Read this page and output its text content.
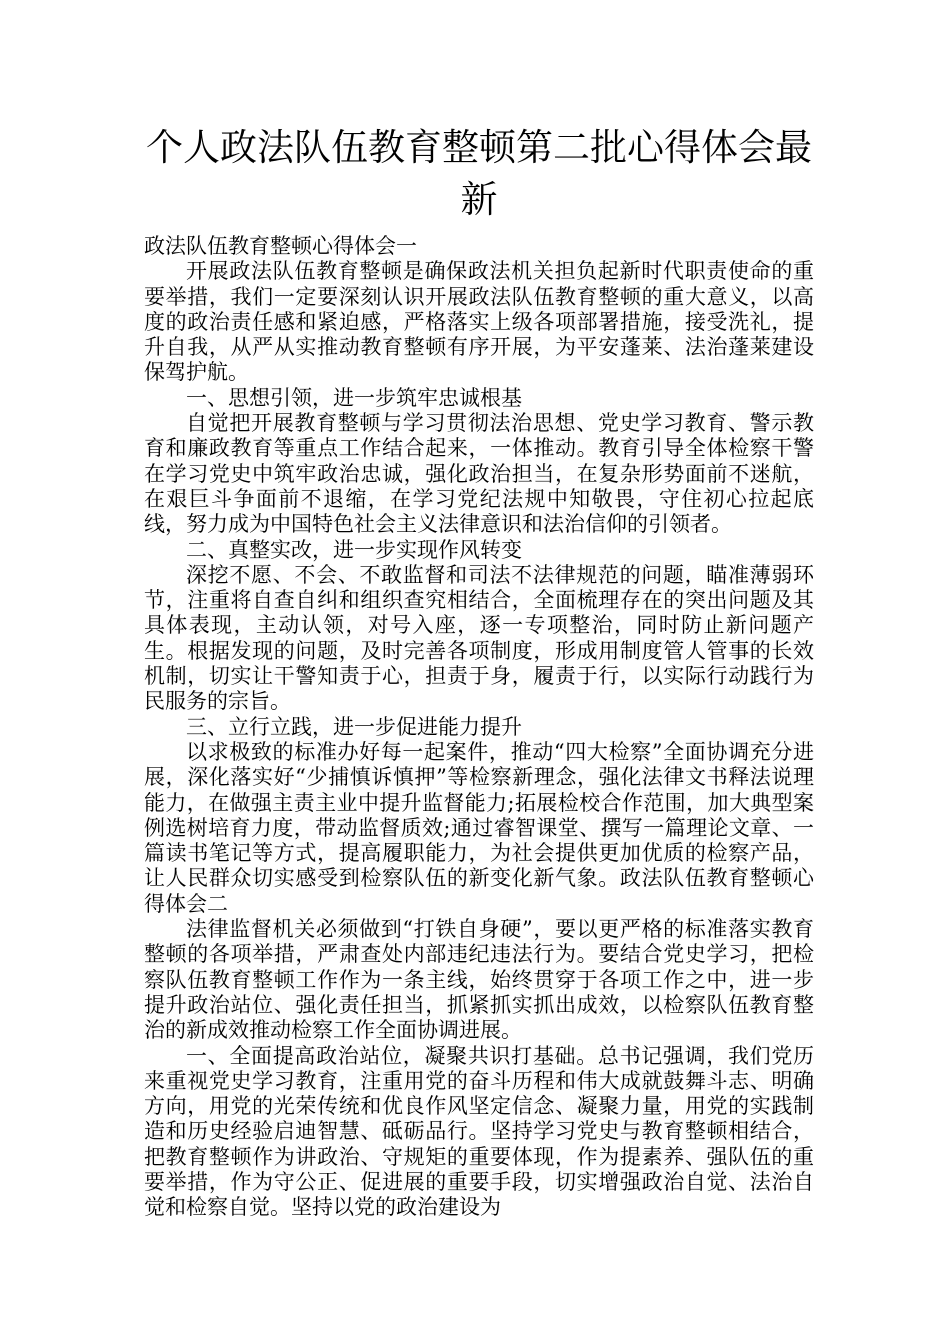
个人政法队伍教育整顿第二批心得体会最新

政法队伍教育整顿心得体会一

开展政法队伍教育整顿是确保政法机关担负起新时代职责使命的重要举措，我们一定要深刻认识开展政法队伍教育整顿的重大意义，以高度的政治责任感和紧迫感，严格落实上级各项部署措施，接受洗礼，提升自我，从严从实推动教育整顿有序开展，为平安蓬莱、法治蓬莱建设保驾护航。

一、思想引领，进一步筑牢忠诚根基

自觉把开展教育整顿与学习贯彻法治思想、党史学习教育、警示教育和廉政教育等重点工作结合起来，一体推动。教育引导全体检察干警在学习党史中筑牢政治忠诚，强化政治担当，在复杂形势面前不迷航，在艰巨斗争面前不退缩，在学习党纪法规中知敬畏，守住初心拉起底线，努力成为中国特色社会主义法律意识和法治信仰的引领者。

二、真整实改，进一步实现作风转变

深挖不愿、不会、不敢监督和司法不法律规范的问题，瞄准薄弱环节，注重将自查自纠和组织查究相结合，全面梳理存在的突出问题及其具体表现，主动认领，对号入座，逐一专项整治，同时防止新问题产生。根据发现的问题，及时完善各项制度，形成用制度管人管事的长效机制，切实让干警知责于心，担责于身，履责于行，以实际行动践行为民服务的宗旨。

三、立行立践，进一步促进能力提升

以求极致的标准办好每一起案件，推动“四大检察”全面协调充分进展，深化落实好“少捕慎诉慎押”等检察新理念，强化法律文书释法说理能力，在做强主责主业中提升监督能力;拓展检校合作范围，加大典型案例选树培育力度，带动监督质效;通过睿智课堂、撰写一篇理论文章、一篇读书笔记等方式，提高履职能力，为社会提供更加优质的检察产品，让人民群众切实感受到检察队伍的新变化新气象。政法队伍教育整顿心得体会二

法律监督机关必须做到“打铁自身硬”，要以更严格的标准落实教育整顿的各项举措，严肃查处内部违纪违法行为。要结合党史学习，把检察队伍教育整顿工作作为一条主线，始终贯穿于各项工作之中，进一步提升政治站位、强化责任担当，抓紧抓实抓出成效，以检察队伍教育整治的新成效推动检察工作全面协调进展。

一、全面提高政治站位，凝聚共识打基础。总书记强调，我们党历来重视党史学习教育，注重用党的奋斗历程和伟大成就鼓舞斗志、明确方向，用党的光荣传统和优良作风坚定信念、凝聚力量，用党的实践制造和历史经验启迪智慧、砥砺品行。坚持学习党史与教育整顿相结合，把教育整顿作为讲政治、守规矩的重要体现，作为提素养、强队伍的重要举措，作为守公正、促进展的重要手段，切实增强政治自觉、法治自觉和检察自觉。坚持以党的政治建设为
